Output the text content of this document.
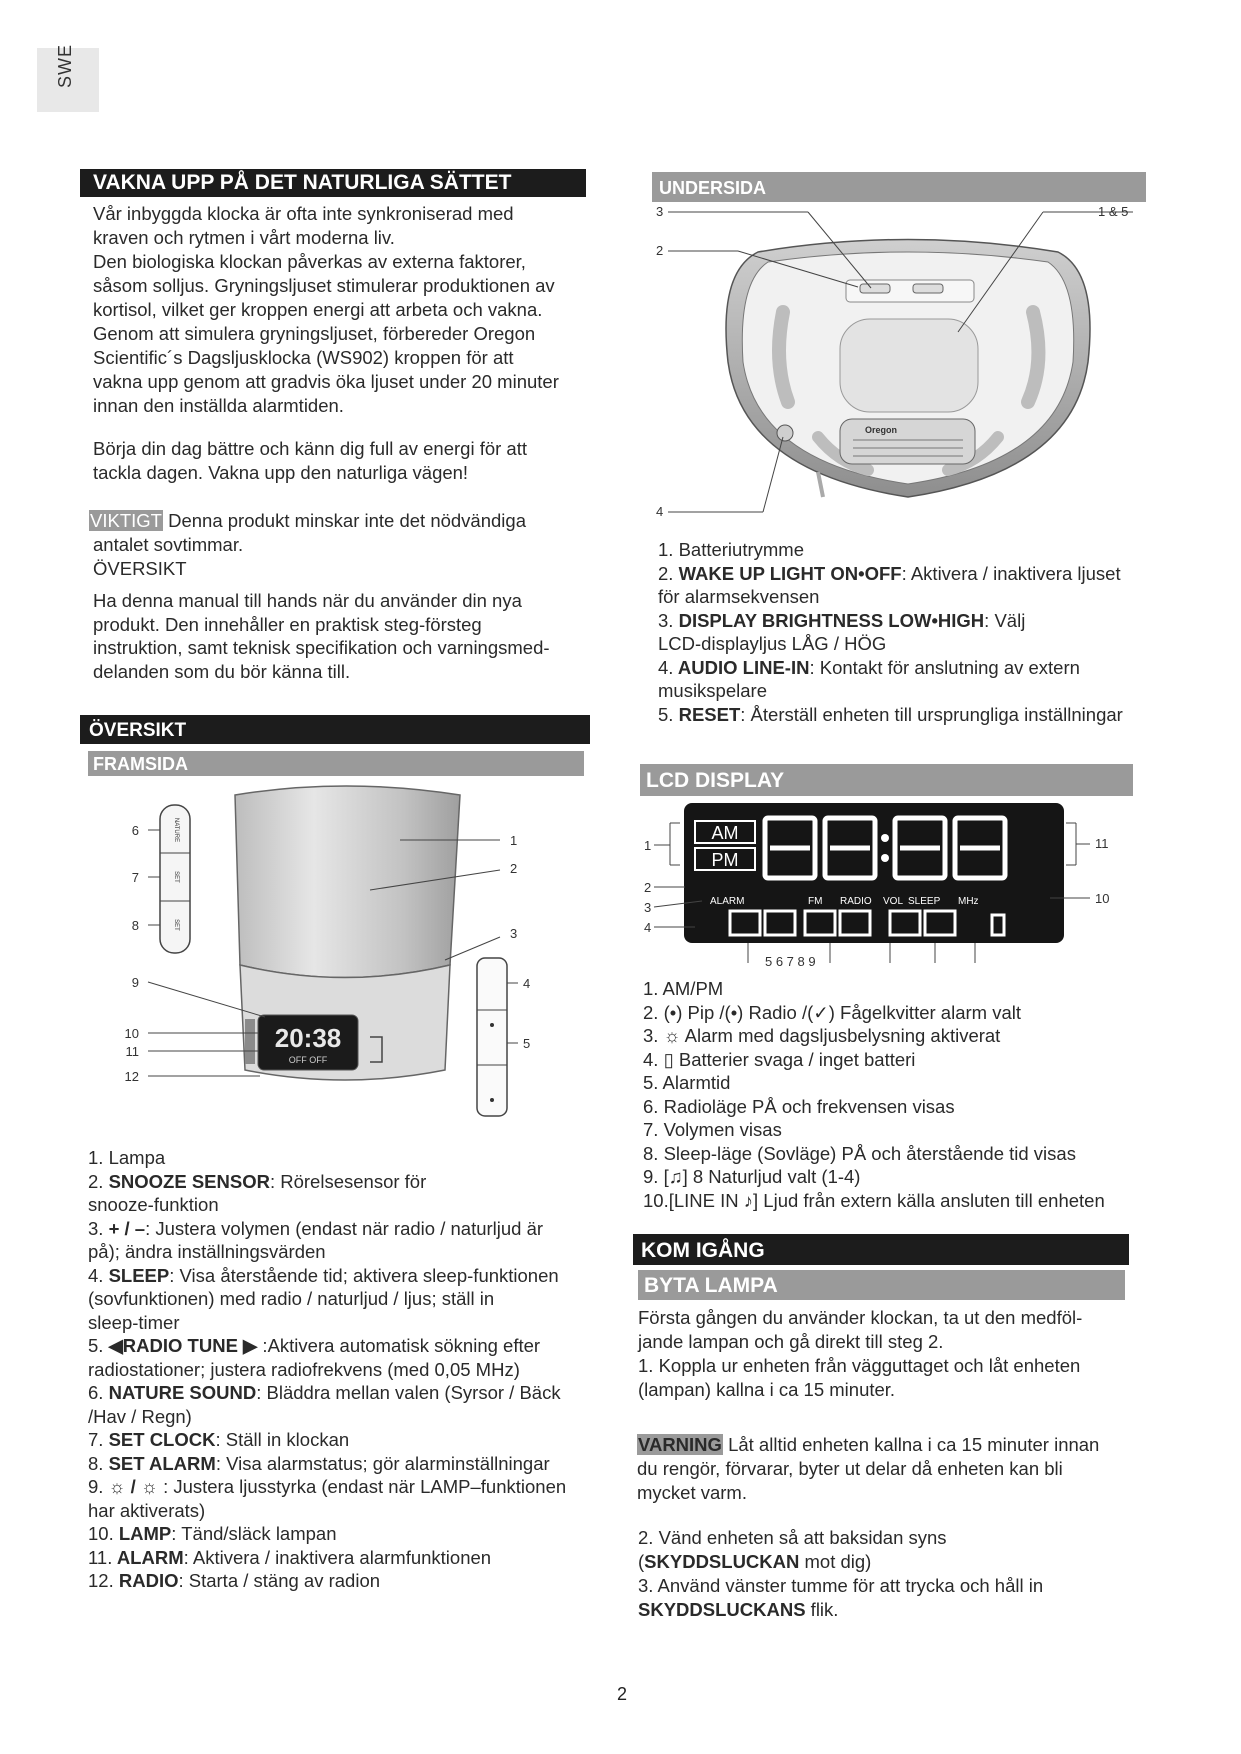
SWE
VAKNA UPP PÅ DET NATURLIGA SÄTTET
Vår inbyggda klocka är ofta inte synkroniserad med
kraven och rytmen i vårt moderna liv.
Den biologiska klockan påverkas av externa faktorer,
såsom solljus. Gryningsljuset stimulerar produktionen av
kortisol, vilket ger kroppen energi att arbeta och vakna.
Genom att simulera gryningsljuset, förbereder Oregon
Scientific´s Dagsljusklocka (WS902) kroppen för att
vakna upp genom att gradvis öka ljuset under 20 minuter
innan den inställda alarmtiden.
Börja din dag bättre och känn dig full av energi för att
tackla dagen. Vakna upp den naturliga vägen!
VIKTIGT Denna produkt minskar inte det nödvändiga
antalet sovtimmar.
ÖVERSIKT
Ha denna manual till hands när du använder din nya
produkt. Den innehåller en praktisk steg-försteg
instruktion, samt teknisk specifikation och varningsmed-
delanden som du bör känna till.
ÖVERSIKT
FRAMSIDA
20:38
OFF OFF
NATURE
SET
SET
1
2
3
4
5
6
7
8
9
10
11
12
1. Lampa
2. SNOOZE SENSOR: Rörelsesensor för
snooze-funktion
3. + / –: Justera volymen (endast när radio / naturljud är
på); ändra inställningsvärden
4. SLEEP: Visa återstående tid; aktivera sleep-funktionen
(sovfunktionen) med radio / naturljud / ljus; ställ in
sleep-timer
5. ◀RADIO TUNE ▶ :Aktivera automatisk sökning efter
radiostationer; justera radiofrekvens (med 0,05 MHz)
6. NATURE SOUND: Bläddra mellan valen (Syrsor / Bäck
/Hav / Regn)
7. SET CLOCK: Ställ in klockan
8. SET ALARM: Visa alarmstatus; gör alarminställningar
9. ☼ / ☼ : Justera ljusstyrka (endast när LAMP–funktionen
har aktiverats)
10. LAMP: Tänd/släck lampan
11. ALARM: Aktivera / inaktivera alarmfunktionen
12. RADIO: Starta / stäng av radion
UNDERSIDA
Oregon
3
2
1 & 5
4
1. Batteriutrymme
2. WAKE UP LIGHT ON•OFF: Aktivera / inaktivera ljuset
för alarmsekvensen
3. DISPLAY BRIGHTNESS LOW•HIGH: Välj
LCD-displayljus LÅG / HÖG
4. AUDIO LINE-IN: Kontakt för anslutning av extern
musikspelare
5. RESET: Återställ enheten till ursprungliga inställningar
LCD DISPLAY
AM
PM
ALARM	FM RADIO VOL SLEEP MHz
1
2
3
4
11
10
5 6 7 8 9
1. AM/PM
2. (•) Pip /(•) Radio /(✓) Fågelkvitter alarm valt
3. ☼ Alarm med dagsljusbelysning aktiverat
4. ▯ Batterier svaga / inget batteri
5. Alarmtid
6. Radioläge PÅ och frekvensen visas
7. Volymen visas
8. Sleep-läge (Sovläge) PÅ och återstående tid visas
9. [♫] 8 Naturljud valt (1-4)
10.[LINE IN ♪] Ljud från extern källa ansluten till enheten
KOM IGÅNG
BYTA LAMPA
Första gången du använder klockan, ta ut den medföl-
jande lampan och gå direkt till steg 2.
1. Koppla ur enheten från vägguttaget och låt enheten
(lampan) kallna i ca 15 minuter.
VARNING Låt alltid enheten kallna i ca 15 minuter innan
du rengör, förvarar, byter ut delar då enheten kan bli
mycket varm.
2. Vänd enheten så att baksidan syns
(SKYDDSLUCKAN mot dig)
3. Använd vänster tumme för att trycka och håll in
SKYDDSLUCKANS flik.
2
